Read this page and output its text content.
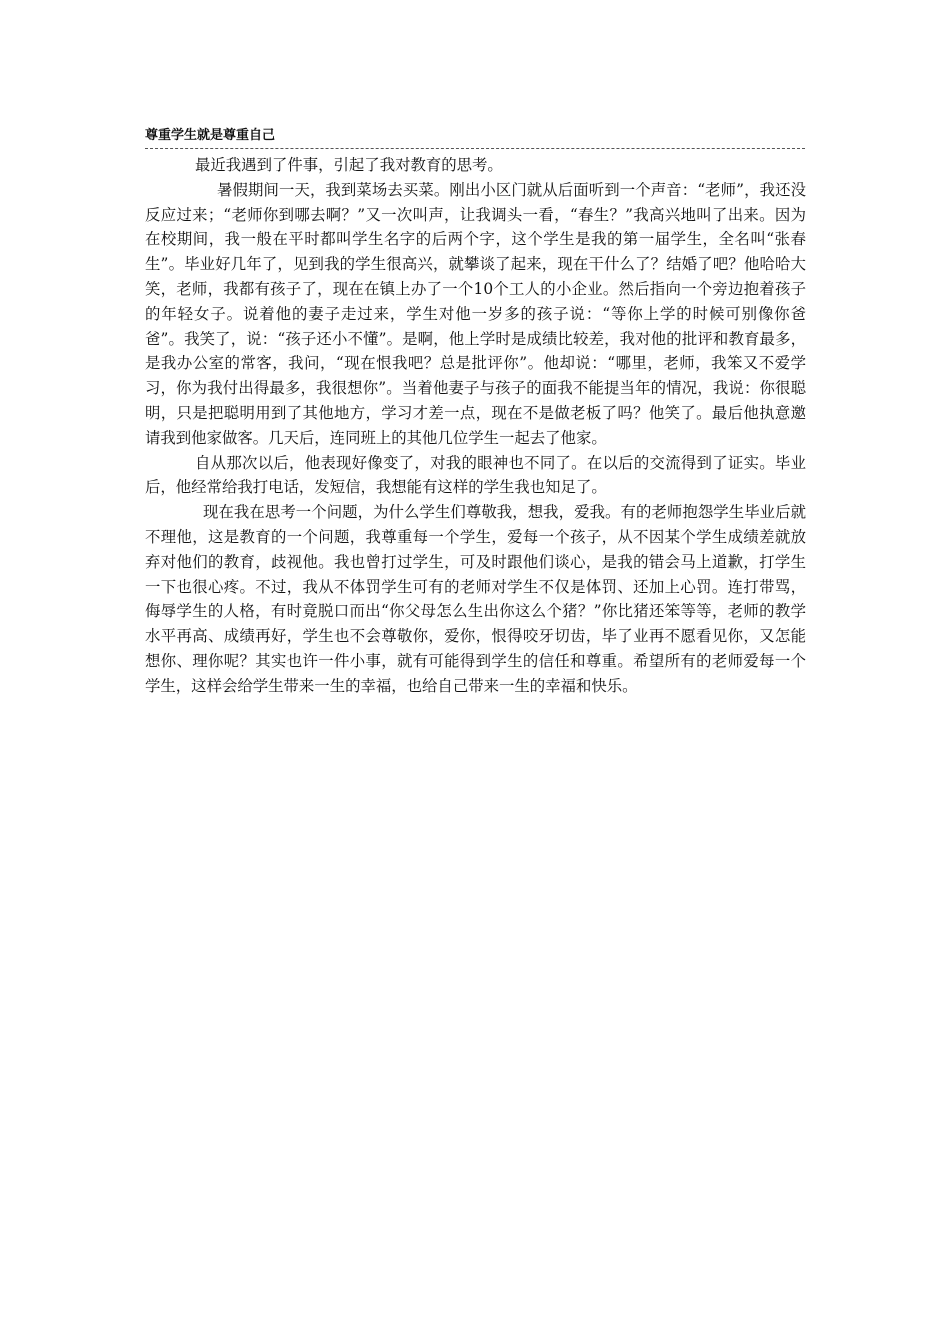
尊重学生就是尊重自己

最近我遇到了件事，引起了我对教育的思考。

暑假期间一天，我到菜场去买菜。刚出小区门就从后面听到一个声音：“老师”，我还没反应过来；“老师你到哪去啊？”又一次叫声，让我调头一看，“春生？”我高兴地叫了出来。因为在校期间，我一般在平时都叫学生名字的后两个字，这个学生是我的第一届学生，全名叫“张春生”。毕业好几年了，见到我的学生很高兴，就攀谈了起来，现在干什么了？结婚了吧？他哈哈大笑，老师，我都有孩子了，现在在镇上办了一个10个工人的小企业。然后指向一个旁边抱着孩子的年轻女子。说着他的妻子走过来，学生对他一岁多的孩子说：“等你上学的时候可别像你爸爸”。我笑了，说：“孩子还小不懂”。是啊，他上学时是成绩比较差，我对他的批评和教育最多，是我办公室的常客，我问，“现在恨我吧？总是批评你”。他却说：“哪里，老师，我笨又不爱学习，你为我付出得最多，我很想你”。当着他妻子与孩子的面我不能提当年的情况，我说：你很聪明，只是把聪明用到了其他地方，学习才差一点，现在不是做老板了吗？他笑了。最后他执意邀请我到他家做客。几天后，连同班上的其他几位学生一起去了他家。

自从那次以后，他表现好像变了，对我的眼神也不同了。在以后的交流得到了证实。毕业后，他经常给我打电话，发短信，我想能有这样的学生我也知足了。

现在我在思考一个问题，为什么学生们尊敬我，想我，爱我。有的老师抱怨学生毕业后就不理他，这是教育的一个问题，我尊重每一个学生，爱每一个孩子，从不因某个学生成绩差就放弃对他们的教育，歧视他。我也曾打过学生，可及时跟他们谈心，是我的错会马上道歉，打学生一下也很心疼。不过，我从不体罚学生可有的老师对学生不仅是体罚、还加上心罚。连打带骂，侮辱学生的人格，有时竟脱口而出“你父母怎么生出你这么个猪？”你比猪还笨等等，老师的教学水平再高、成绩再好，学生也不会尊敬你，爱你，恨得咬牙切齿，毕了业再不愿看见你，又怎能想你、理你呢？其实也许一件小事，就有可能得到学生的信任和尊重。希望所有的老师爱每一个学生，这样会给学生带来一生的幸福，也给自己带来一生的幸福和快乐。
